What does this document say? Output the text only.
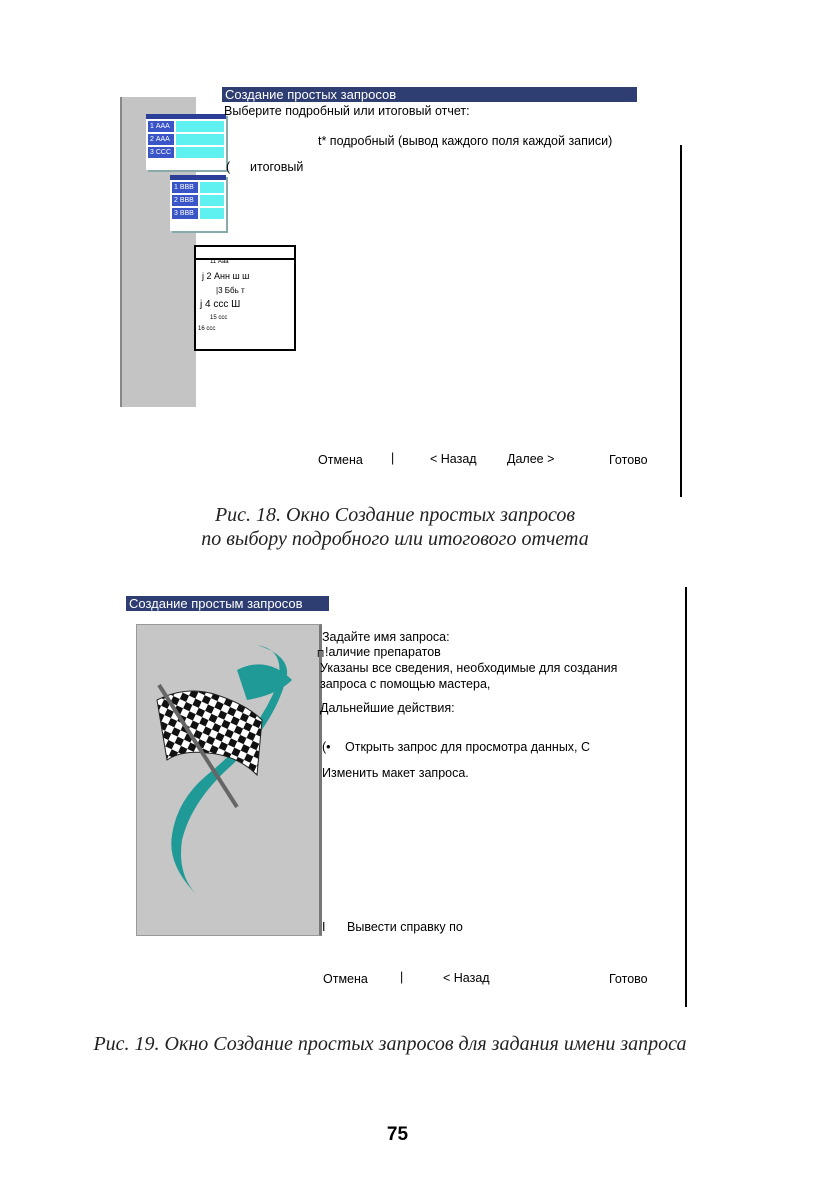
1 ААА
2 ААА
3 ССС
1 ВВВ
2 ВВВ
3 ВВВ
11 Ааа
j 2 Анн ш ш
|3 Ббь т
j 4 ссс Ш
15 ссс
16 ссс
Создание простых запросов
Выберите подробный или итоговый отчет:
t* подробный (вывод каждого поля каждой записи)
( итоговый
Отмена |	< Назад Далее >	Готово
Рис. 18. Окно Создание простых запросов
по выбору подробного или итогового отчета
Создание простым запросов
Задайте имя запроса:
П !аличие препаратов
Указаны все сведения, необходимые для создания
запроса с помощью мастера,
Дальнейшие действия:
(• Открыть запрос для просмотра данных, С
Изменить макет запроса.
I Вывести справку по
Отмена	|	< Назад	Готово
Рис. 19. Окно Создание простых запросов для задания имени запроса
75
